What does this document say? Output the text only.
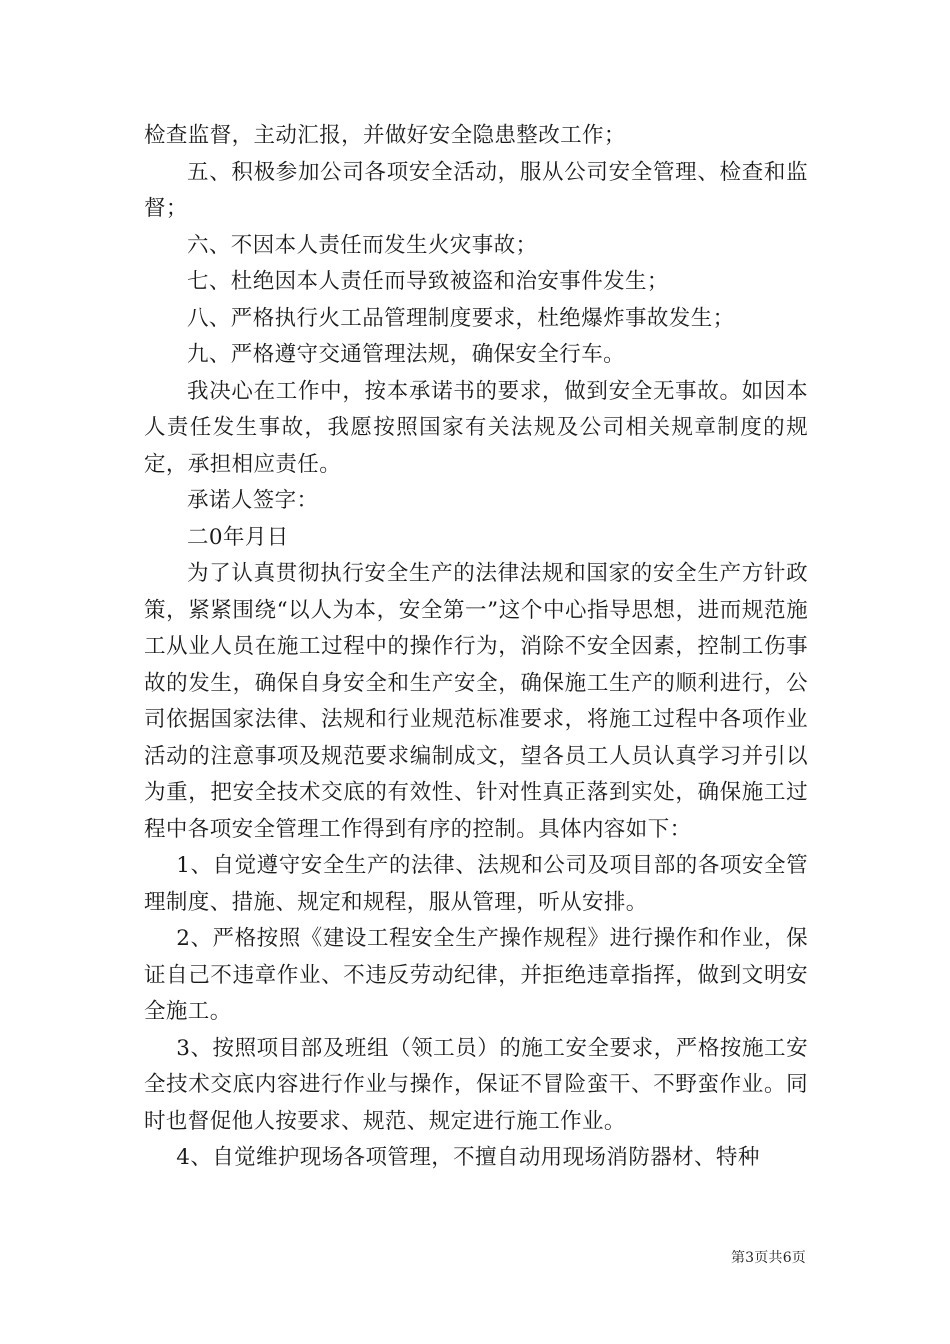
检查监督，主动汇报，并做好安全隐患整改工作；

五、积极参加公司各项安全活动，服从公司安全管理、检查和监督；

六、不因本人责任而发生火灾事故；

七、杜绝因本人责任而导致被盗和治安事件发生；

八、严格执行火工品管理制度要求，杜绝爆炸事故发生；

九、严格遵守交通管理法规，确保安全行车。

我决心在工作中，按本承诺书的要求，做到安全无事故。如因本人责任发生事故，我愿按照国家有关法规及公司相关规章制度的规定，承担相应责任。

承诺人签字：

二0年月日

为了认真贯彻执行安全生产的法律法规和国家的安全生产方针政策，紧紧围绕“以人为本，安全第一”这个中心指导思想，进而规范施工从业人员在施工过程中的操作行为，消除不安全因素，控制工伤事故的发生，确保自身安全和生产安全，确保施工生产的顺利进行，公司依据国家法律、法规和行业规范标准要求，将施工过程中各项作业活动的注意事项及规范要求编制成文，望各员工人员认真学习并引以为重，把安全技术交底的有效性、针对性真正落到实处，确保施工过程中各项安全管理工作得到有序的控制。具体内容如下：

1、自觉遵守安全生产的法律、法规和公司及项目部的各项安全管理制度、措施、规定和规程，服从管理，听从安排。

2、严格按照《建设工程安全生产操作规程》进行操作和作业，保证自己不违章作业、不违反劳动纪律，并拒绝违章指挥，做到文明安全施工。

3、按照项目部及班组（领工员）的施工安全要求，严格按施工安全技术交底内容进行作业与操作，保证不冒险蛮干、不野蛮作业。同时也督促他人按要求、规范、规定进行施工作业。

4、自觉维护现场各项管理，不擅自动用现场消防器材、特种

第3页共6页
